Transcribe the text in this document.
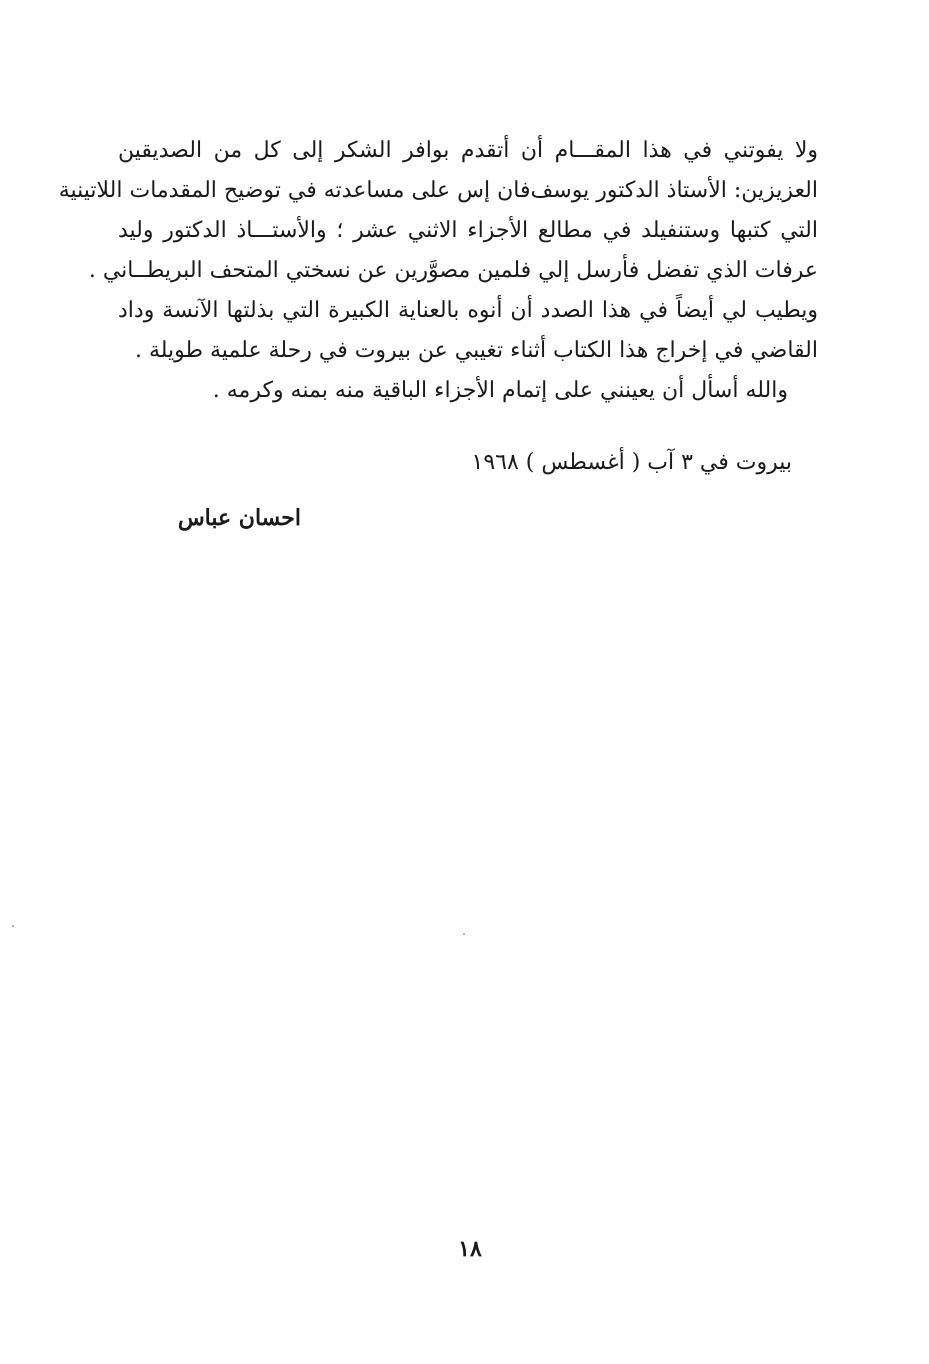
ولا يفوتني في هذا المقـــام أن أتقدم بوافر الشكر إلى كل من الصديقين
العزيزين: الأستاذ الدكتور يوسف‌فان إس على مساعدته في توضيح المقدمات اللاتينية
التي كتبها وستنفيلد في مطالع الأجزاء الاثني عشر ؛ والأستـــاذ الدكتور وليد
عرفات الذي تفضل فأرسل إلي فلمين مصوَّرين عن نسختي المتحف البريطــاني .
ويطيب لي أيضاً في هذا الصدد أن أنوه بالعناية الكبيرة التي بذلتها الآنسة وداد
القاضي في إخراج هذا الكتاب أثناء تغيبي عن بيروت في رحلة علمية طويلة .
والله أسأل أن يعينني على إتمام الأجزاء الباقية منه بمنه وكرمه .
بيروت في ٣ آب ( أغسطس ) ١٩٦٨
احسان عباس
١٨
